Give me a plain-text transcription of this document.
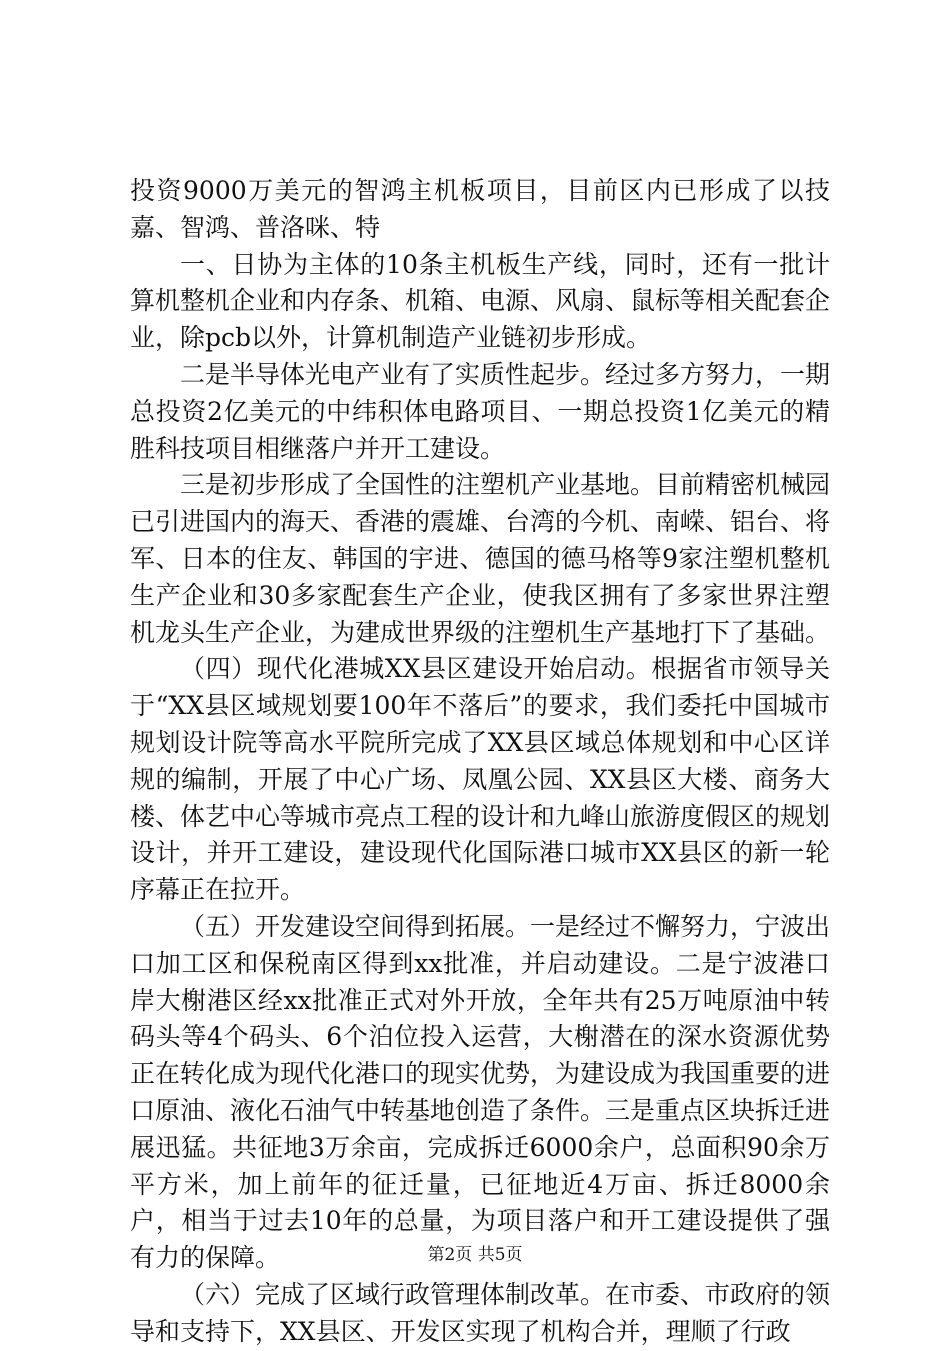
投资9000万美元的智鸿主机板项目，目前区内已形成了以技嘉、智鸿、普洛咪、特

一、日协为主体的10条主机板生产线，同时，还有一批计算机整机企业和内存条、机箱、电源、风扇、鼠标等相关配套企业，除pcb以外，计算机制造产业链初步形成。

二是半导体光电产业有了实质性起步。经过多方努力，一期总投资2亿美元的中纬积体电路项目、一期总投资1亿美元的精胜科技项目相继落户并开工建设。

三是初步形成了全国性的注塑机产业基地。目前精密机械园已引进国内的海天、香港的震雄、台湾的今机、南嵘、铝台、将军、日本的住友、韩国的宇进、德国的德马格等9家注塑机整机生产企业和30多家配套生产企业，使我区拥有了多家世界注塑机龙头生产企业，为建成世界级的注塑机生产基地打下了基础。

（四）现代化港城XX县区建设开始启动。根据省市领导关于“XX县区域规划要100年不落后”的要求，我们委托中国城市规划设计院等高水平院所完成了XX县区域总体规划和中心区详规的编制，开展了中心广场、凤凰公园、XX县区大楼、商务大楼、体艺中心等城市亮点工程的设计和九峰山旅游度假区的规划设计，并开工建设，建设现代化国际港口城市XX县区的新一轮序幕正在拉开。

（五）开发建设空间得到拓展。一是经过不懈努力，宁波出口加工区和保税南区得到xx批准，并启动建设。二是宁波港口岸大榭港区经xx批准正式对外开放，全年共有25万吨原油中转码头等4个码头、6个泊位投入运营，大榭潜在的深水资源优势正在转化成为现代化港口的现实优势，为建设成为我国重要的进口原油、液化石油气中转基地创造了条件。三是重点区块拆迁进展迅猛。共征地3万余亩，完成拆迁6000余户，总面积90余万平方米，加上前年的征迁量，已征地近4万亩、拆迁8000余户，相当于过去10年的总量，为项目落户和开工建设提供了强有力的保障。

（六）完成了区域行政管理体制改革。在市委、市政府的领导和支持下，XX县区、开发区实现了机构合并，理顺了行政

第2页 共5页
